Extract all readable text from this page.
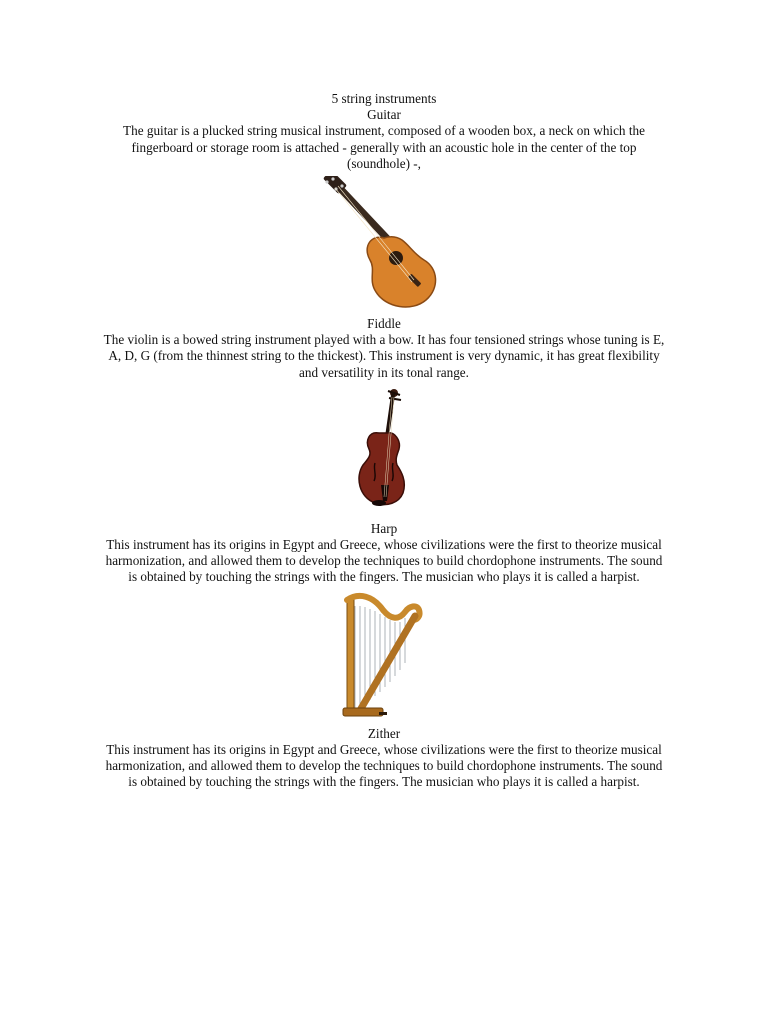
5 string instruments
Guitar
The guitar is a plucked string musical instrument, composed of a wooden box, a neck on which the fingerboard or storage room is attached - generally with an acoustic hole in the center of the top (soundhole) -,
Fiddle
The violin is a bowed string instrument played with a bow. It has four tensioned strings whose tuning is E, A, D, G (from the thinnest string to the thickest). This instrument is very dynamic, it has great flexibility and versatility in its tonal range.
Harp
This instrument has its origins in Egypt and Greece, whose civilizations were the first to theorize musical harmonization, and allowed them to develop the techniques to build chordophone instruments. The sound is obtained by touching the strings with the fingers. The musician who plays it is called a harpist.
Zither
This instrument has its origins in Egypt and Greece, whose civilizations were the first to theorize musical harmonization, and allowed them to develop the techniques to build chordophone instruments. The sound is obtained by touching the strings with the fingers. The musician who plays it is called a harpist.
